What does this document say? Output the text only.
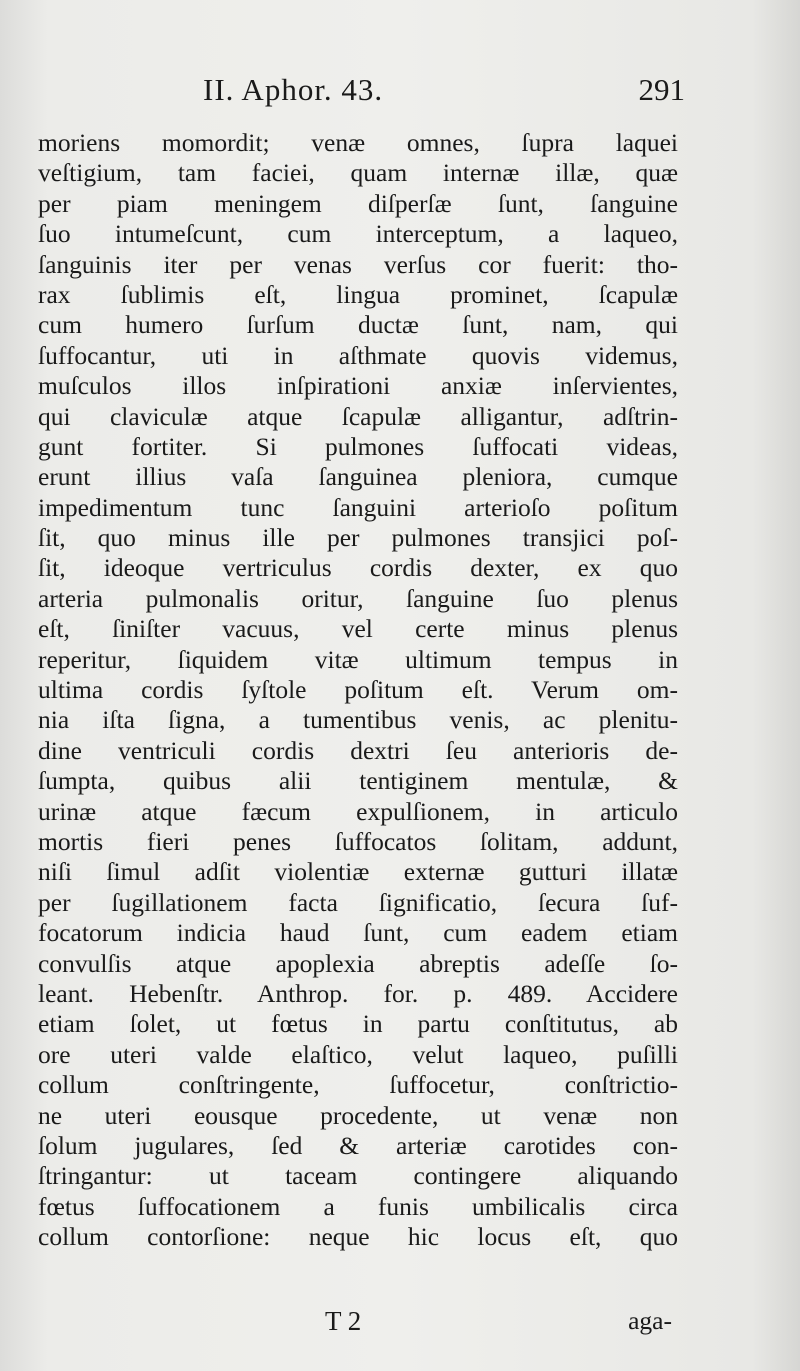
II. Aphor. 43.	291
moriens momordit; venæ omnes, ſupra laquei
veſtigium, tam faciei, quam internæ illæ, quæ
per piam meningem diſperſæ ſunt, ſanguine
ſuo intumeſcunt, cum interceptum, a laqueo,
ſanguinis iter per venas verſus cor fuerit: tho-
rax ſublimis eſt, lingua prominet, ſcapulæ
cum humero ſurſum ductæ ſunt, nam, qui
ſuffocantur, uti in aſthmate quovis videmus,
muſculos illos inſpirationi anxiæ inſervientes,
qui claviculæ atque ſcapulæ alligantur, adſtrin-
gunt fortiter. Si pulmones ſuffocati videas,
erunt illius vaſa ſanguinea pleniora, cumque
impedimentum tunc ſanguini arterioſo poſitum
ſit, quo minus ille per pulmones transjici poſ-
ſit, ideoque vertriculus cordis dexter, ex quo
arteria pulmonalis oritur, ſanguine ſuo plenus
eſt, ſiniſter vacuus, vel certe minus plenus
reperitur, ſiquidem vitæ ultimum tempus in
ultima cordis ſyſtole poſitum eſt. Verum om-
nia iſta ſigna, a tumentibus venis, ac plenitu-
dine ventriculi cordis dextri ſeu anterioris de-
ſumpta, quibus alii tentiginem mentulæ, &
urinæ atque fæcum expulſionem, in articulo
mortis fieri penes ſuffocatos ſolitam, addunt,
niſi ſimul adſit violentiæ externæ gutturi illatæ
per ſugillationem facta ſignificatio, ſecura ſuf-
focatorum indicia haud ſunt, cum eadem etiam
convulſis atque apoplexia abreptis adeſſe ſo-
leant. Hebenſtr. Anthrop. for. p. 489. Accidere
etiam ſolet, ut fœtus in partu conſtitutus, ab
ore uteri valde elaſtico, velut laqueo, puſilli
collum conſtringente, ſuffocetur, conſtrictio-
ne uteri eousque procedente, ut venæ non
ſolum jugulares, ſed & arteriæ carotides con-
ſtringantur: ut taceam contingere aliquando
fœtus ſuffocationem a funis umbilicalis circa
collum contorſione: neque hic locus eſt, quo
T 2	aga-
